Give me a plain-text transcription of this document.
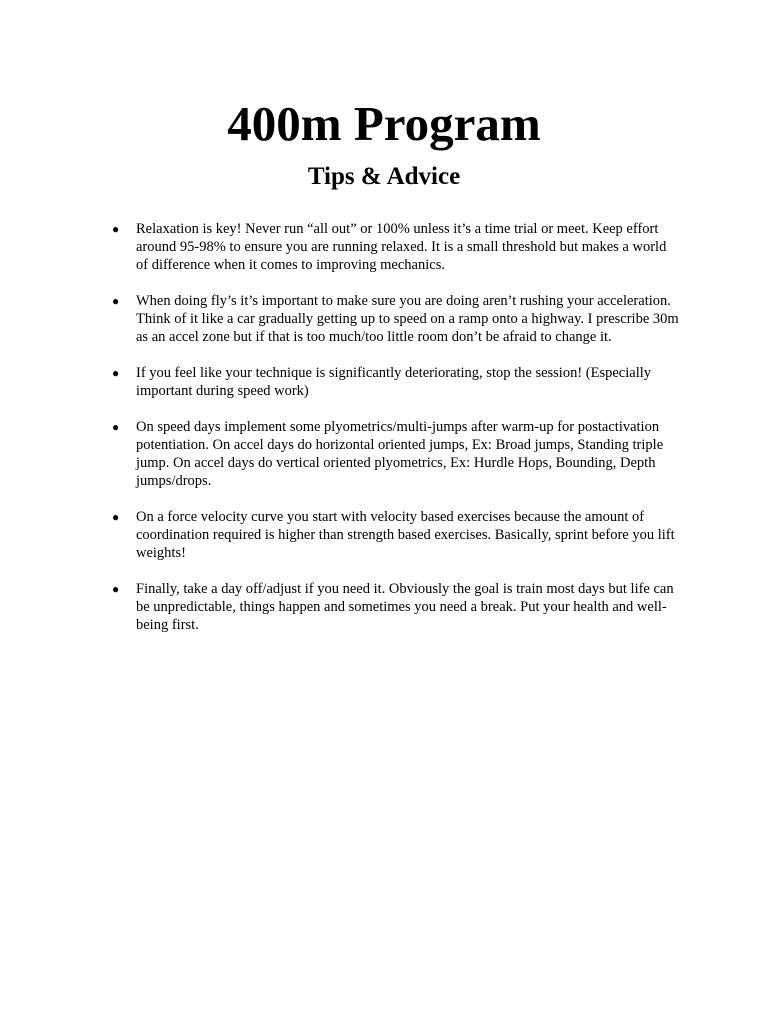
400m Program
Tips & Advice
● Relaxation is key! Never run “all out” or 100% unless it’s a time trial or meet. Keep effort around 95-98% to ensure you are running relaxed. It is a small threshold but makes a world of difference when it comes to improving mechanics.
● When doing fly’s it’s important to make sure you are doing aren’t rushing your acceleration. Think of it like a car gradually getting up to speed on a ramp onto a highway. I prescribe 30m as an accel zone but if that is too much/too little room don’t be afraid to change it.
● If you feel like your technique is significantly deteriorating, stop the session! (Especially important during speed work)
● On speed days implement some plyometrics/multi-jumps after warm-up for postactivation potentiation. On accel days do horizontal oriented jumps, Ex: Broad jumps, Standing triple jump. On accel days do vertical oriented plyometrics, Ex: Hurdle Hops, Bounding, Depth jumps/drops.
● On a force velocity curve you start with velocity based exercises because the amount of coordination required is higher than strength based exercises. Basically, sprint before you lift weights!
● Finally, take a day off/adjust if you need it. Obviously the goal is train most days but life can be unpredictable, things happen and sometimes you need a break. Put your health and well-being first.
